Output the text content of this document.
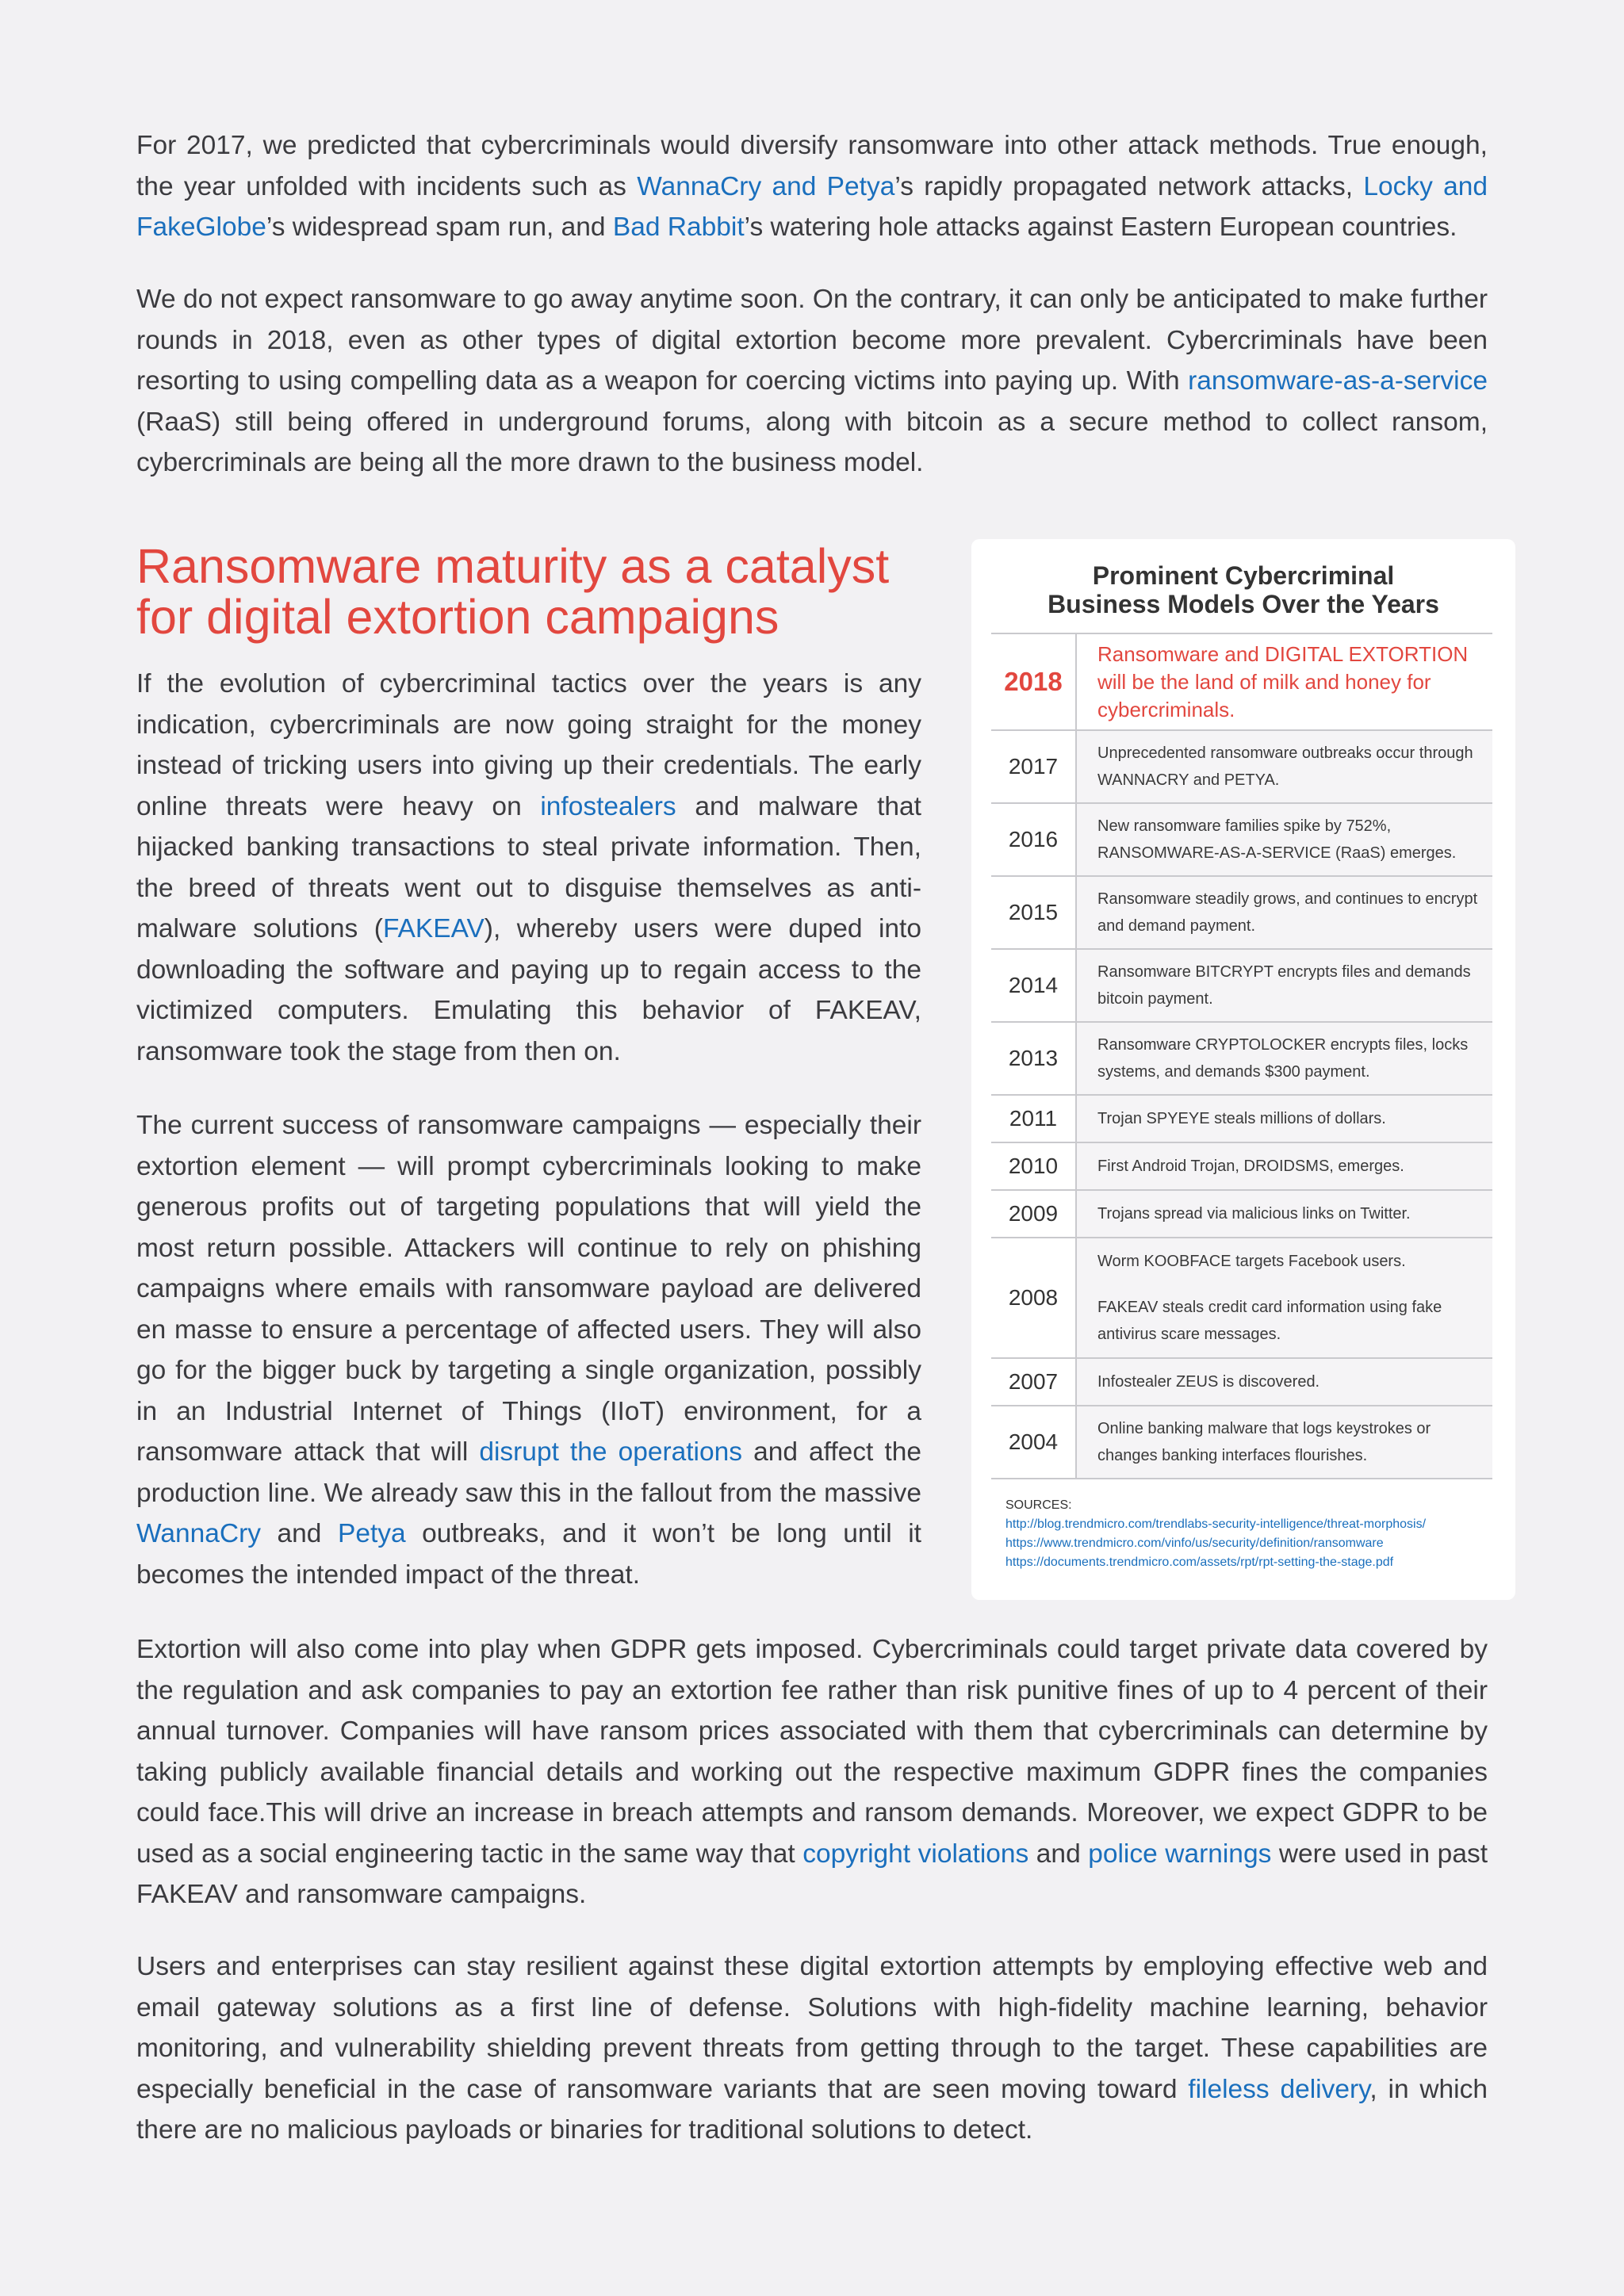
For 2017, we predicted that cybercriminals would diversify ransomware into other attack methods. True enough, the year unfolded with incidents such as WannaCry and Petya’s rapidly propagated network attacks, Locky and FakeGlobe’s widespread spam run, and Bad Rabbit’s watering hole attacks against Eastern European countries.

We do not expect ransomware to go away anytime soon. On the contrary, it can only be anticipated to make further rounds in 2018, even as other types of digital extortion become more prevalent. Cybercriminals have been resorting to using compelling data as a weapon for coercing victims into paying up. With ransomware-as-a-service (RaaS) still being offered in underground forums, along with bitcoin as a secure method to collect ransom, cybercriminals are being all the more drawn to the business model.

Ransomware maturity as a catalyst for digital extortion campaigns

If the evolution of cybercriminal tactics over the years is any indication, cybercriminals are now going straight for the money instead of tricking users into giving up their credentials. The early online threats were heavy on infostealers and malware that hijacked banking transactions to steal private information. Then, the breed of threats went out to disguise themselves as anti-malware solutions (FAKEAV), whereby users were duped into downloading the software and paying up to regain access to the victimized computers. Emulating this behavior of FAKEAV, ransomware took the stage from then on.

The current success of ransomware campaigns — especially their extortion element — will prompt cybercriminals looking to make generous profits out of targeting populations that will yield the most return possible. Attackers will continue to rely on phishing campaigns where emails with ransomware payload are delivered en masse to ensure a percentage of affected users. They will also go for the bigger buck by targeting a single organization, possibly in an Industrial Internet of Things (IIoT) environment, for a ransomware attack that will disrupt the operations and affect the production line. We already saw this in the fallout from the massive WannaCry and Petya outbreaks, and it won’t be long until it becomes the intended impact of the threat.

Prominent Cybercriminal
Business Models Over the Years
2018	Ransomware and DIGITAL EXTORTION will be the land of milk and honey for cybercriminals.
2017	Unprecedented ransomware outbreaks occur through WANNACRY and PETYA.
2016	New ransomware families spike by 752%, RANSOMWARE-AS-A-SERVICE (RaaS) emerges.
2015	Ransomware steadily grows, and continues to encrypt and demand payment.
2014	Ransomware BITCRYPT encrypts files and demands bitcoin payment.
2013	Ransomware CRYPTOLOCKER encrypts files, locks systems, and demands $300 payment.
2011	Trojan SPYEYE steals millions of dollars.
2010	First Android Trojan, DROIDSMS, emerges.
2009	Trojans spread via malicious links on Twitter.
2008	Worm KOOBFACE targets Facebook users.
FAKEAV steals credit card information using fake antivirus scare messages.

2007	Infostealer ZEUS is discovered.
2004	Online banking malware that logs keystrokes or changes banking interfaces flourishes.
SOURCES:
http://blog.trendmicro.com/trendlabs-security-intelligence/threat-morphosis/
https://www.trendmicro.com/vinfo/us/security/definition/ransomware
https://documents.trendmicro.com/assets/rpt/rpt-setting-the-stage.pdf

Extortion will also come into play when GDPR gets imposed. Cybercriminals could target private data covered by the regulation and ask companies to pay an extortion fee rather than risk punitive fines of up to 4 percent of their annual turnover. Companies will have ransom prices associated with them that cybercriminals can determine by taking publicly available financial details and working out the respective maximum GDPR fines the companies could face.This will drive an increase in breach attempts and ransom demands. Moreover, we expect GDPR to be used as a social engineering tactic in the same way that copyright violations and police warnings were used in past FAKEAV and ransomware campaigns.

Users and enterprises can stay resilient against these digital extortion attempts by employing effective web and email gateway solutions as a first line of defense. Solutions with high-fidelity machine learning, behavior monitoring, and vulnerability shielding prevent threats from getting through to the target. These capabilities are especially beneficial in the case of ransomware variants that are seen moving toward fileless delivery, in which there are no malicious payloads or binaries for traditional solutions to detect.
